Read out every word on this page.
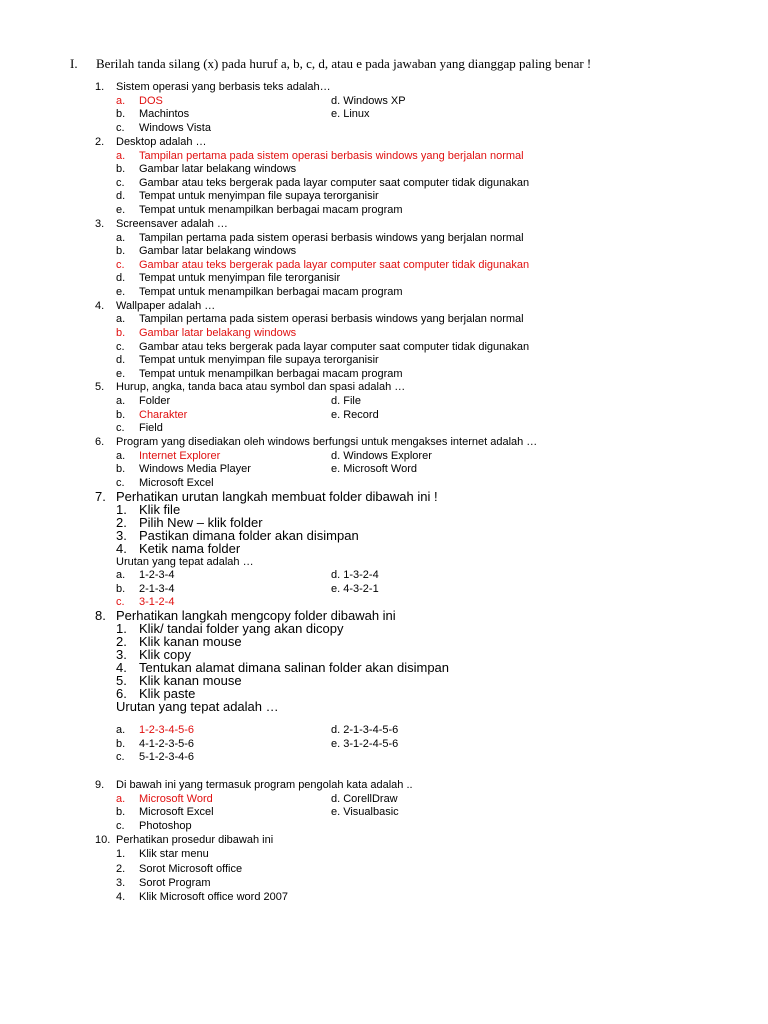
I. Berilah tanda silang (x) pada huruf a, b, c, d, atau e pada jawaban yang dianggap paling benar !
1. Sistem operasi yang berbasis teks adalah…
a. DOS	d. Windows XP
b. Machintos	e. Linux
c. Windows Vista
2. Desktop adalah …
a. Tampilan pertama pada sistem operasi berbasis windows yang berjalan normal
b. Gambar latar belakang windows
c. Gambar atau teks bergerak pada layar computer saat computer tidak digunakan
d. Tempat untuk menyimpan file supaya terorganisir
e. Tempat untuk menampilkan berbagai macam program
3. Screensaver adalah …
a. Tampilan pertama pada sistem operasi berbasis windows yang berjalan normal
b. Gambar latar belakang windows
c. Gambar atau teks bergerak pada layar computer saat computer tidak digunakan
d. Tempat untuk menyimpan file terorganisir
e. Tempat untuk menampilkan berbagai macam program
4. Wallpaper adalah …
a. Tampilan pertama pada sistem operasi berbasis windows yang berjalan normal
b. Gambar latar belakang windows
c. Gambar atau teks bergerak pada layar computer saat computer tidak digunakan
d. Tempat untuk menyimpan file supaya terorganisir
e. Tempat untuk menampilkan berbagai macam program
5. Hurup, angka, tanda baca atau symbol dan spasi adalah …
a. Folder	d. File
b. Charakter	e. Record
c. Field
6. Program yang disediakan oleh windows berfungsi untuk mengakses internet adalah …
a. Internet Explorer	d. Windows Explorer
b. Windows Media Player	e. Microsoft Word
c. Microsoft Excel
7. Perhatikan urutan langkah membuat folder dibawah ini !
1. Klik file
2. Pilih New – klik folder
3. Pastikan dimana folder akan disimpan
4. Ketik nama folder
Urutan yang tepat adalah …
a. 1-2-3-4	d. 1-3-2-4
b. 2-1-3-4	e. 4-3-2-1
c. 3-1-2-4
8. Perhatikan langkah mengcopy folder dibawah ini
1. Klik/ tandai folder yang akan dicopy
2. Klik kanan mouse
3. Klik copy
4. Tentukan alamat dimana salinan folder akan disimpan
5. Klik kanan mouse
6. Klik paste
Urutan yang tepat adalah …
a. 1-2-3-4-5-6	d. 2-1-3-4-5-6
b. 4-1-2-3-5-6	e. 3-1-2-4-5-6
c. 5-1-2-3-4-6
9. Di bawah ini yang termasuk program pengolah kata adalah ..
a. Microsoft Word	d. CorellDraw
b. Microsoft Excel	e. Visualbasic
c. Photoshop
10. Perhatikan prosedur dibawah ini
1. Klik star menu
2. Sorot Microsoft office
3. Sorot Program
4. Klik Microsoft office word 2007
